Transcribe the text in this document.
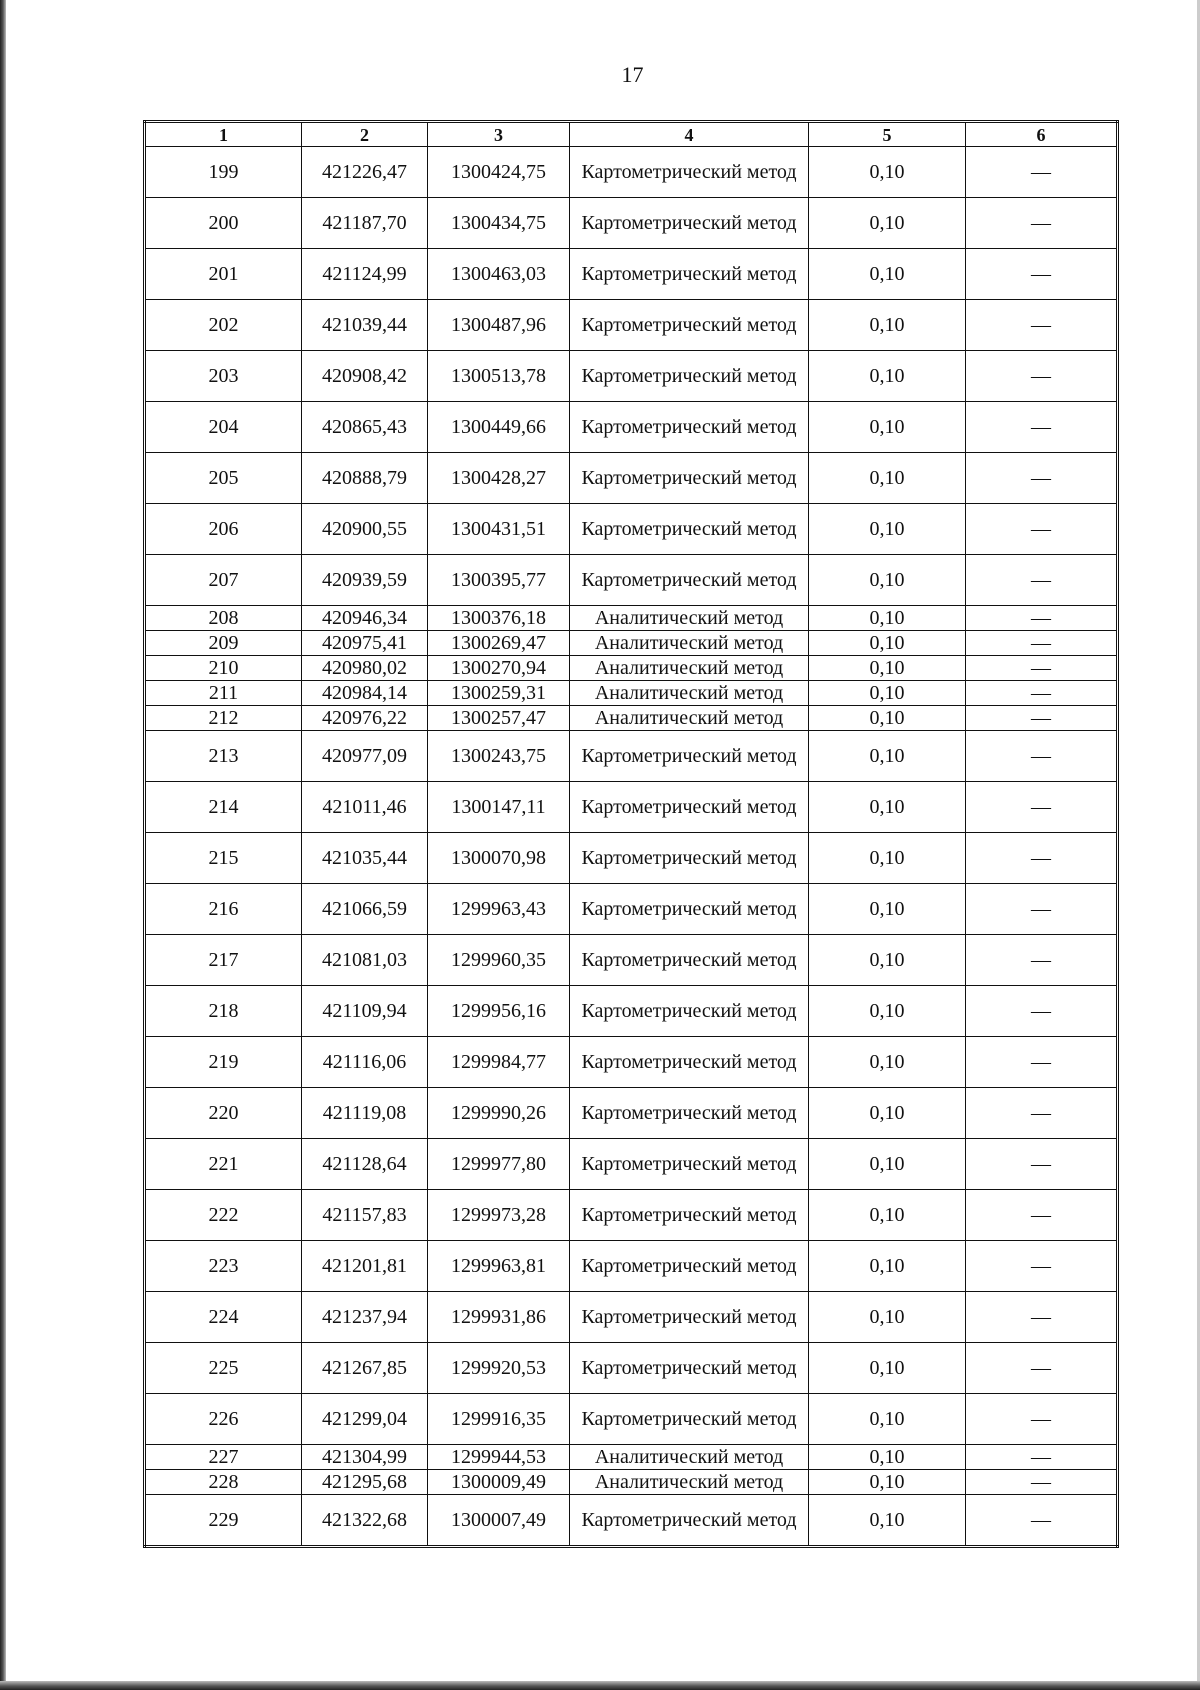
17
1	2	3	4	5	6
199	421226,47	1300424,75	Картометрический метод	0,10	—
200	421187,70	1300434,75	Картометрический метод	0,10	—
201	421124,99	1300463,03	Картометрический метод	0,10	—
202	421039,44	1300487,96	Картометрический метод	0,10	—
203	420908,42	1300513,78	Картометрический метод	0,10	—
204	420865,43	1300449,66	Картометрический метод	0,10	—
205	420888,79	1300428,27	Картометрический метод	0,10	—
206	420900,55	1300431,51	Картометрический метод	0,10	—
207	420939,59	1300395,77	Картометрический метод	0,10	—
208	420946,34	1300376,18	Аналитический метод	0,10	—
209	420975,41	1300269,47	Аналитический метод	0,10	—
210	420980,02	1300270,94	Аналитический метод	0,10	—
211	420984,14	1300259,31	Аналитический метод	0,10	—
212	420976,22	1300257,47	Аналитический метод	0,10	—
213	420977,09	1300243,75	Картометрический метод	0,10	—
214	421011,46	1300147,11	Картометрический метод	0,10	—
215	421035,44	1300070,98	Картометрический метод	0,10	—
216	421066,59	1299963,43	Картометрический метод	0,10	—
217	421081,03	1299960,35	Картометрический метод	0,10	—
218	421109,94	1299956,16	Картометрический метод	0,10	—
219	421116,06	1299984,77	Картометрический метод	0,10	—
220	421119,08	1299990,26	Картометрический метод	0,10	—
221	421128,64	1299977,80	Картометрический метод	0,10	—
222	421157,83	1299973,28	Картометрический метод	0,10	—
223	421201,81	1299963,81	Картометрический метод	0,10	—
224	421237,94	1299931,86	Картометрический метод	0,10	—
225	421267,85	1299920,53	Картометрический метод	0,10	—
226	421299,04	1299916,35	Картометрический метод	0,10	—
227	421304,99	1299944,53	Аналитический метод	0,10	—
228	421295,68	1300009,49	Аналитический метод	0,10	—
229	421322,68	1300007,49	Картометрический метод	0,10	—
